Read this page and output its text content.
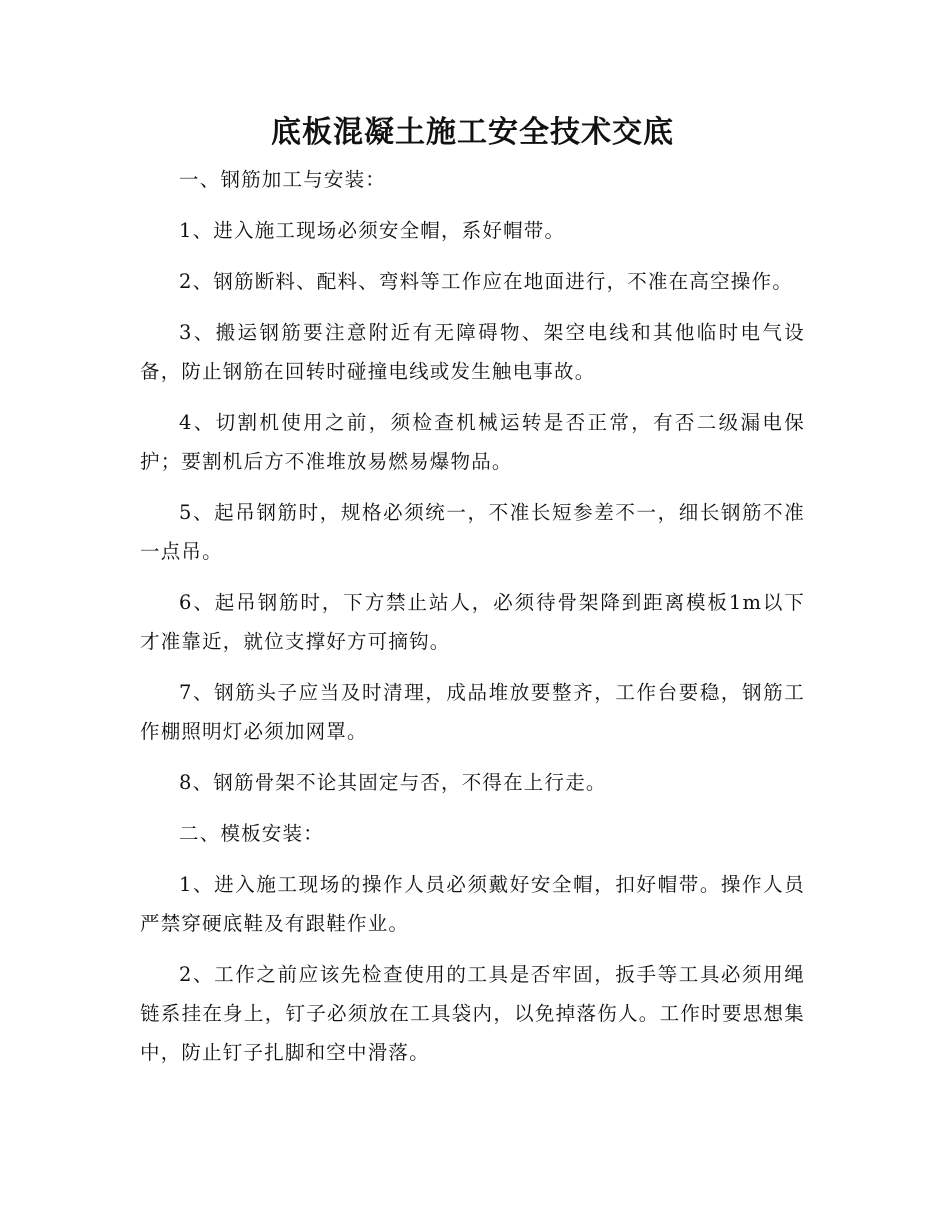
底板混凝土施工安全技术交底

一、钢筋加工与安装：

1、进入施工现场必须安全帽，系好帽带。

2、钢筋断料、配料、弯料等工作应在地面进行，不准在高空操作。

3、搬运钢筋要注意附近有无障碍物、架空电线和其他临时电气设备，防止钢筋在回转时碰撞电线或发生触电事故。

4、切割机使用之前，须检查机械运转是否正常，有否二级漏电保护；要割机后方不准堆放易燃易爆物品。

5、起吊钢筋时，规格必须统一，不准长短参差不一，细长钢筋不准一点吊。

6、起吊钢筋时，下方禁止站人，必须待骨架降到距离模板1m以下才准靠近，就位支撑好方可摘钩。

7、钢筋头子应当及时清理，成品堆放要整齐，工作台要稳，钢筋工作棚照明灯必须加网罩。

8、钢筋骨架不论其固定与否，不得在上行走。

二、模板安装：

1、进入施工现场的操作人员必须戴好安全帽，扣好帽带。操作人员严禁穿硬底鞋及有跟鞋作业。

2、工作之前应该先检查使用的工具是否牢固，扳手等工具必须用绳链系挂在身上，钉子必须放在工具袋内，以免掉落伤人。工作时要思想集中，防止钉子扎脚和空中滑落。
